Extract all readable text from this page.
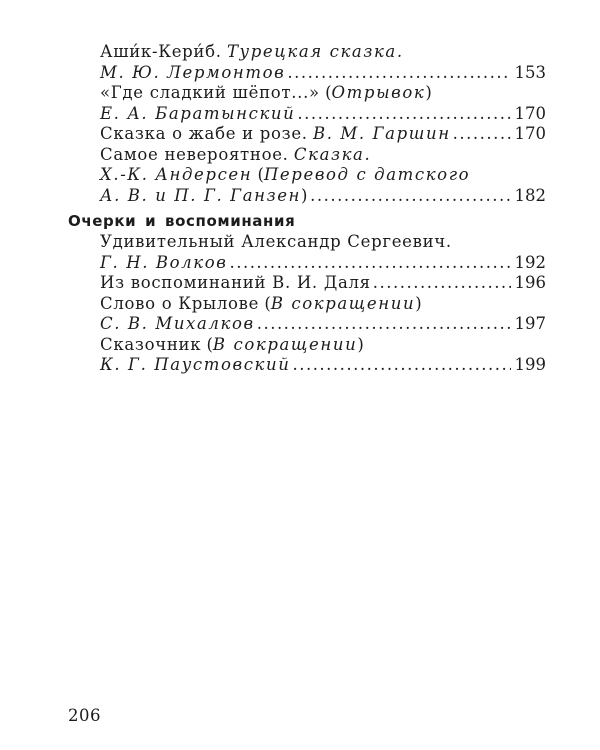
Аши́к-Кери́б.
Турецкая сказка.
М. Ю. Лермонтов .....	153
«Где сладкий шёпот...» ( Отрывок )
Е. А. Баратынский .....	170
Сказка о жабе и розе.
В. М. Гаршин .....	170
Самое невероятное.
Сказка.
Х.-К. Андерсен ( Перевод с датского
А. В. и П. Г. Ганзен ) .....	182
Очерки и воспоминания
Удивительный Александр Сергеевич.
Г. Н. Волков .....	192
Из воспоминаний В. И. Даля .....	196
Слово о Крылове ( В сокращении )
С. В. Михалков .....	197
Сказочник ( В сокращении )
К. Г. Паустовский .....	199
206
